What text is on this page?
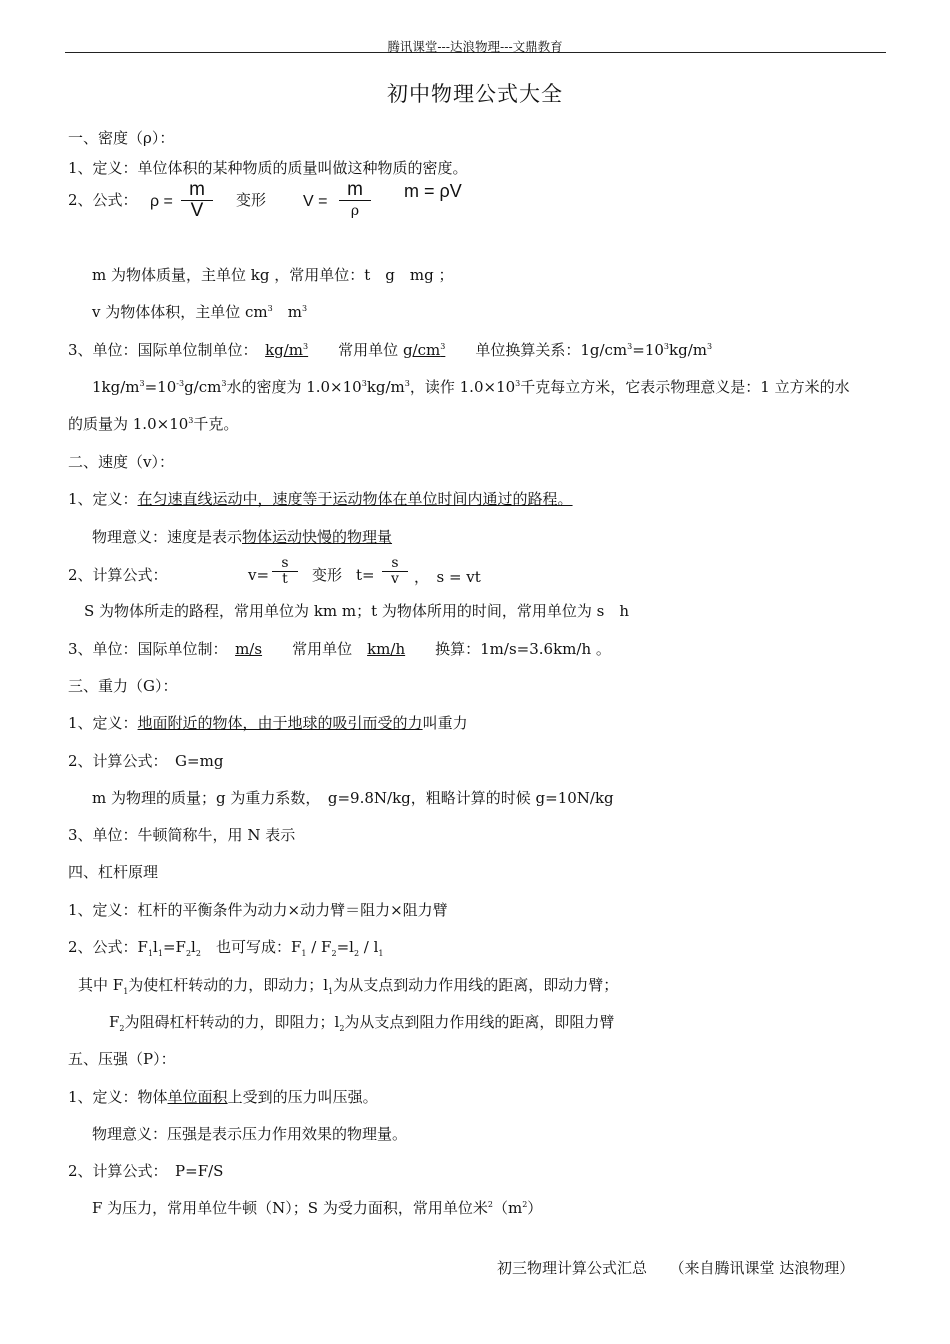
腾讯课堂---达浪物理---文鼎教育
初中物理公式大全
一、密度（ρ）：
1、定义：单位体积的某种物质的质量叫做这种物质的密度。
2、公式： $\rho = \frac{m}{V}$ 变形 V =
m
ρ
m = ρV
m 为物体质量，主单位 kg ，常用单位：t　g　mg ；
v 为物体体积，主单位 $cm^3$　 $m^3$
3、单位：国际单位制单位：　 $kg/m^3$　　 常用单位 $g/cm^3$　　 单位换算关系：$1g/cm^3=10^3kg/m^3$
$1kg/m^3=10^{-3}g/cm^3$水的密度为 $1.0\times 10^3kg/m^3$，读作 $1.0\times 10^3$千克每立方米，它表示物理意义是：1 立方米的水
的质量为 $1.0\times 10^3$千克。
二、速度（v）：
1、定义：在匀速直线运动中，速度等于运动物体在单位时间内通过的路程。
物理意义：速度是表示物体运动快慢的物理量
2、计算公式：	$v= \frac{s}{t}$ 变形 $t= \frac{s}{v}$ ，　s = vt
S 为物体所走的路程，常用单位为 km m；t 为物体所用的时间，常用单位为 s　h
3、单位：国际单位制：　 m/s　　 常用单位　 km/h　　 换算：1m/s=3.6km/h 。
三、重力（G）：
1、定义：地面附近的物体，由于地球的吸引而受的力叫重力
2、计算公式：　G=mg
m 为物理的质量；g 为重力系数，　g=9.8N/kg，粗略计算的时候 g=10N/kg
3、单位：牛顿简称牛，用 N 表示
四、杠杆原理
1、定义：杠杆的平衡条件为动力×动力臂＝阻力×阻力臂
2、公式：$F_1l_1=F_2l_2$　 也可写成：$F_1 / F_2=l_2 / l_1$
其中 $F_1$为使杠杆转动的力，即动力；$l_1$为从支点到动力作用线的距离，即动力臂；
$F_2$为阻碍杠杆转动的力，即阻力；$l_2$为从支点到阻力作用线的距离，即阻力臂
五、压强（P）：
1、定义：物体单位面积上受到的压力叫压强。
物理意义：压强是表示压力作用效果的物理量。
2、计算公式：　P=F/S
F 为压力，常用单位牛顿（N）；S 为受力面积，常用单位米$^2(m^2)$
初三物理计算公式汇总　　（来自腾讯课堂 达浪物理）
